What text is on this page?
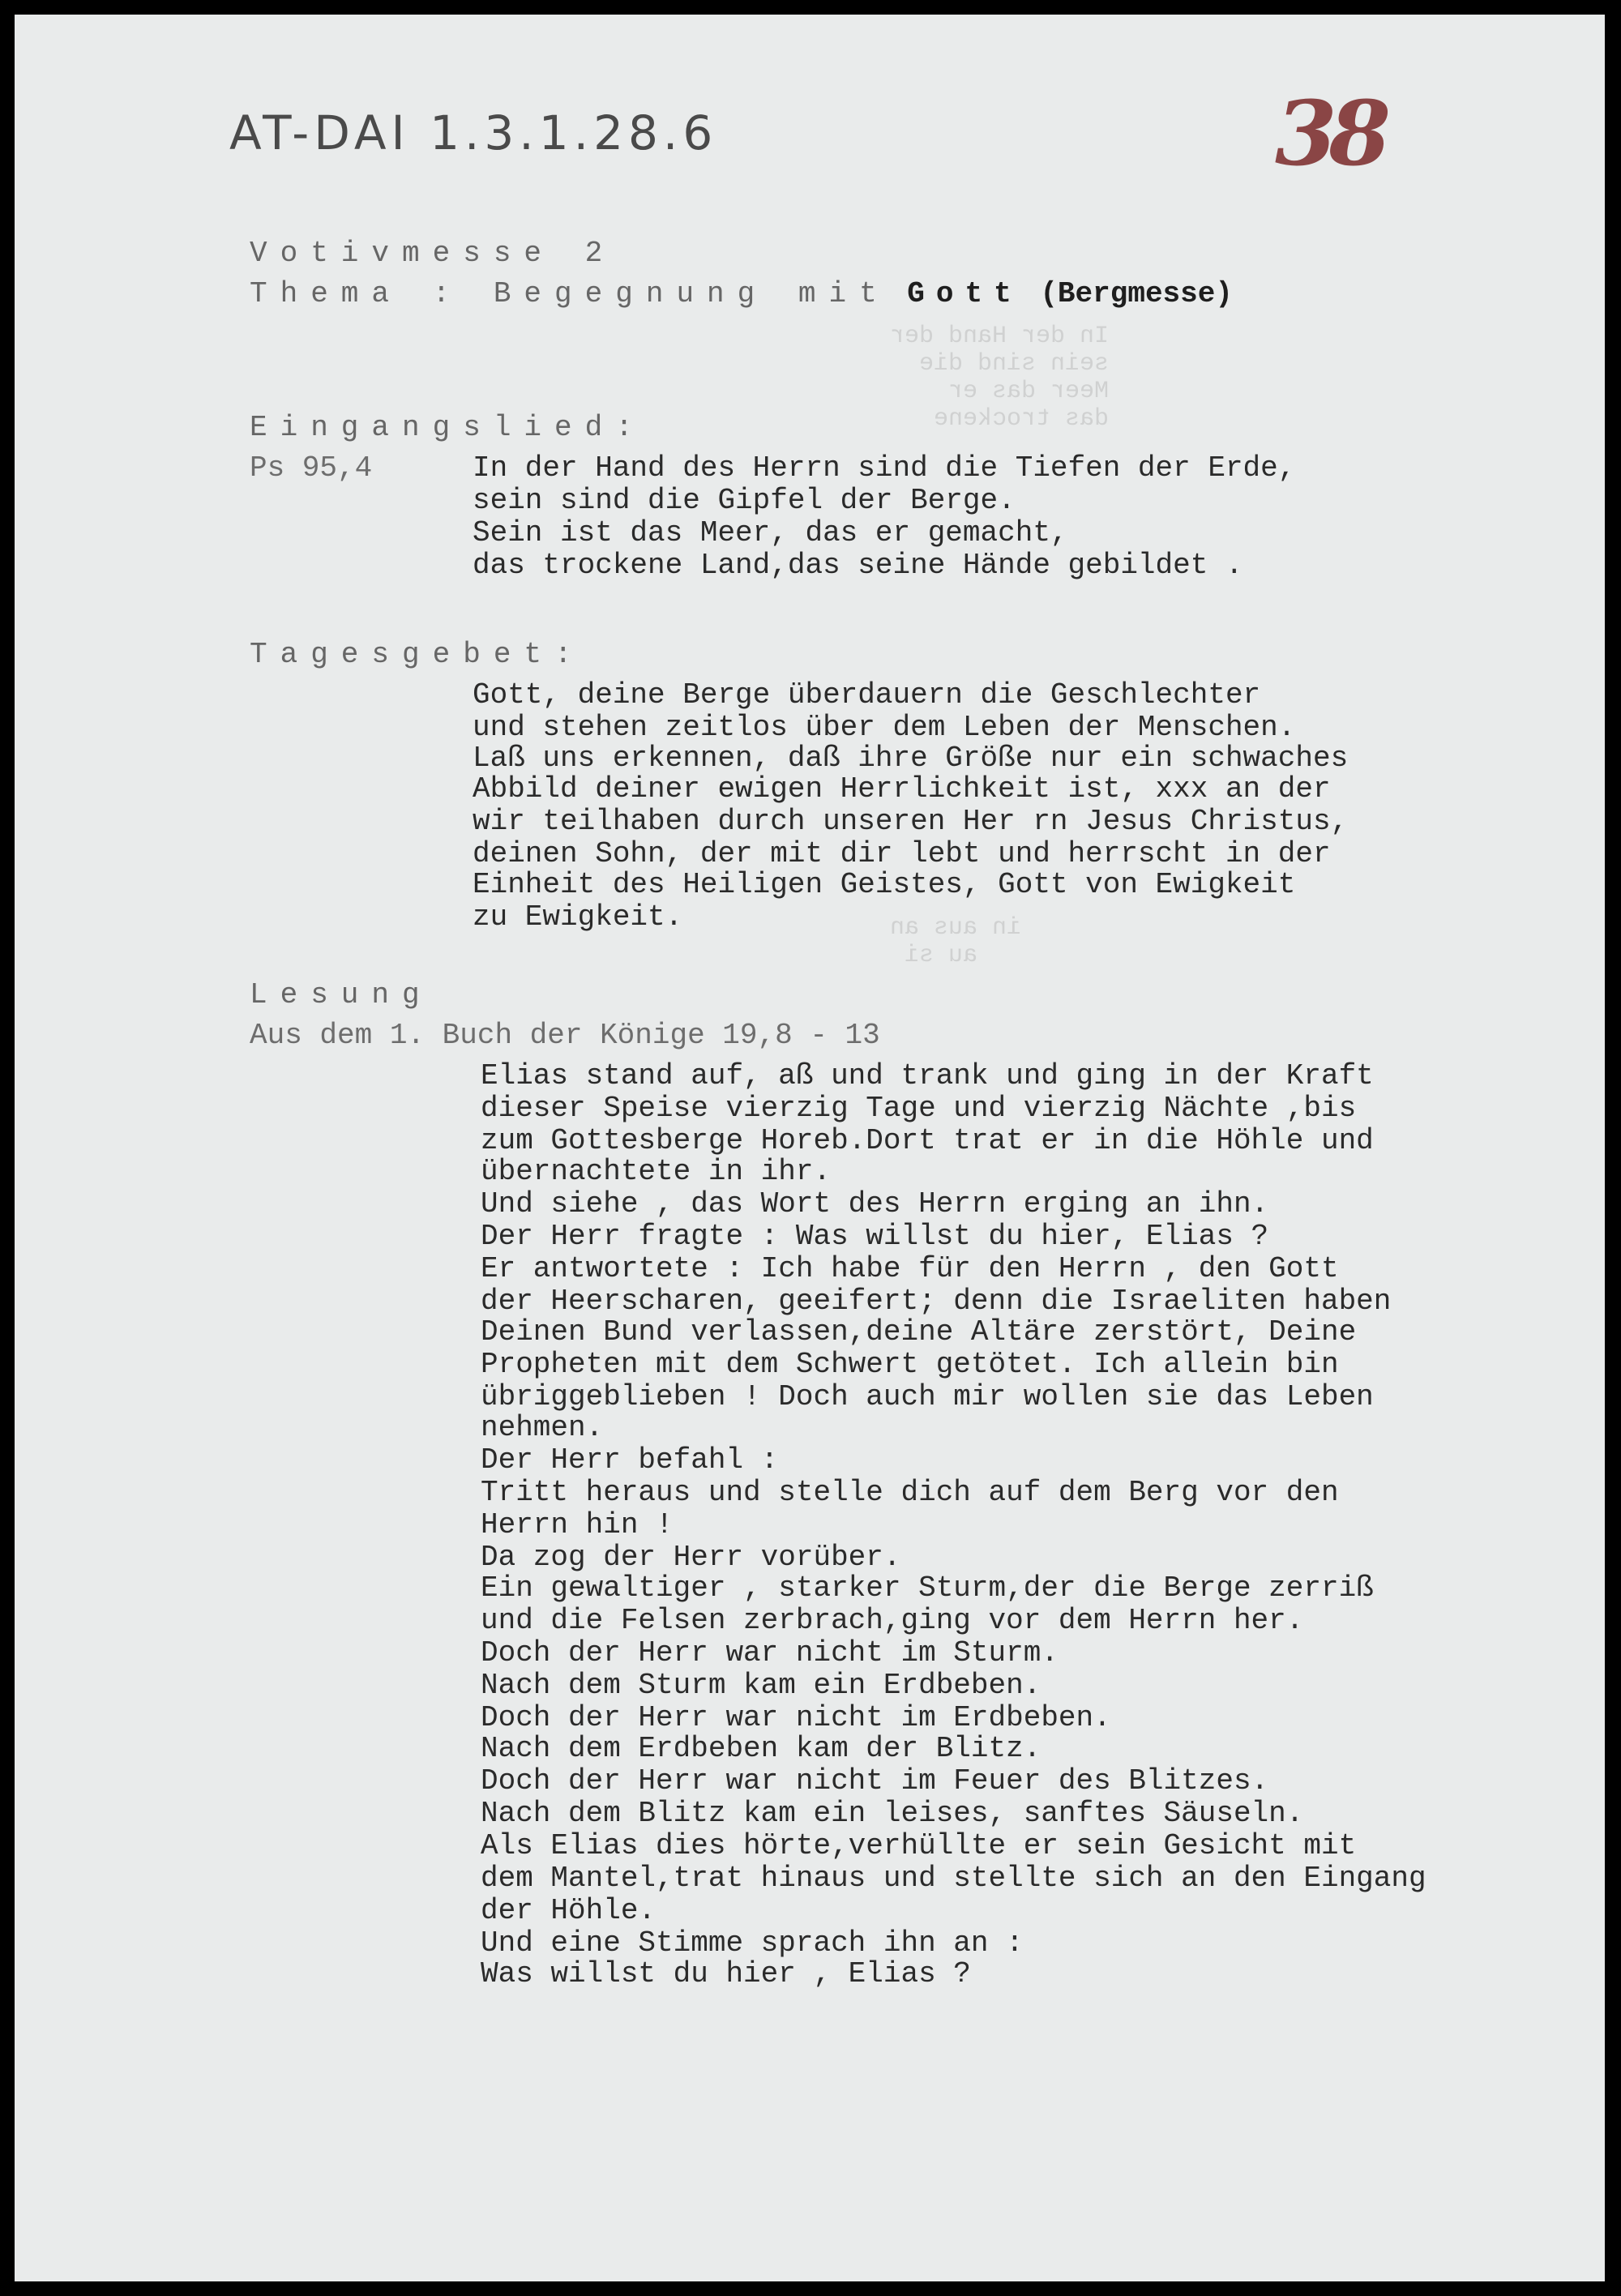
AT-DAI 1.3.1.28.6	38
In der Hand der
sein sind die
Meer das er
das trockene
in aus an
au si
Votivmesse 2
Thema : Begegnung mit Gott (Bergmesse)
Eingangslied:
Ps 95,4	In der Hand des Herrn sind die Tiefen der Erde,
sein sind die Gipfel der Berge.
Sein ist das Meer, das er gemacht,
das trockene Land,das seine Hände gebildet .
Tagesgebet:
Gott, deine Berge überdauern die Geschlechter
und stehen zeitlos über dem Leben der Menschen.
Laß uns erkennen, daß ihre Größe nur ein schwaches
Abbild deiner ewigen Herrlichkeit ist, xxx an der
wir teilhaben durch unseren Her rn Jesus Christus,
deinen Sohn, der mit dir lebt und herrscht in der
Einheit des Heiligen Geistes, Gott von Ewigkeit
zu Ewigkeit.
Lesung
Aus dem 1. Buch der Könige 19,8 - 13
Elias stand auf, aß und trank und ging in der Kraft
dieser Speise vierzig Tage und vierzig Nächte ,bis
zum Gottesberge Horeb.Dort trat er in die Höhle und
übernachtete in ihr.
Und siehe , das Wort des Herrn erging an ihn.
Der Herr fragte : Was willst du hier, Elias ?
Er antwortete : Ich habe für den Herrn , den Gott
der Heerscharen, geeifert; denn die Israeliten haben
Deinen Bund verlassen,deine Altäre zerstört, Deine
Propheten mit dem Schwert getötet. Ich allein bin
übriggeblieben ! Doch auch mir wollen sie das Leben
nehmen.
Der Herr befahl :
Tritt heraus und stelle dich auf dem Berg vor den
Herrn hin !
Da zog der Herr vorüber.
Ein gewaltiger , starker Sturm,der die Berge zerriß
und die Felsen zerbrach,ging vor dem Herrn her.
Doch der Herr war nicht im Sturm.
Nach dem Sturm kam ein Erdbeben.
Doch der Herr war nicht im Erdbeben.
Nach dem Erdbeben kam der Blitz.
Doch der Herr war nicht im Feuer des Blitzes.
Nach dem Blitz kam ein leises, sanftes Säuseln.
Als Elias dies hörte,verhüllte er sein Gesicht mit
dem Mantel,trat hinaus und stellte sich an den Eingang
der Höhle.
Und eine Stimme sprach ihn an :
Was willst du hier , Elias ?
